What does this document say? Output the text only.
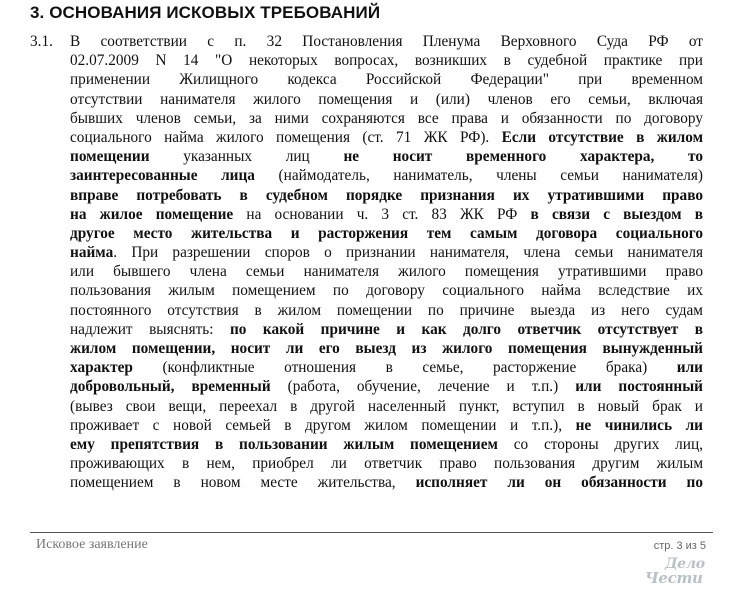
3. ОСНОВАНИЯ ИСКОВЫХ ТРЕБОВАНИЙ
3.1. В соответствии с п. 32 Постановления Пленума Верховного Суда РФ от
02.07.2009 N 14 "О некоторых вопросах, возникших в судебной практике при
применении Жилищного кодекса Российской Федерации" при временном
отсутствии нанимателя жилого помещения и (или) членов его семьи, включая
бывших членов семьи, за ними сохраняются все права и обязанности по договору
социального найма жилого помещения (ст. 71 ЖК РФ). Если отсутствие в жилом
помещении указанных лиц не носит временного характера, то
заинтересованные лица (наймодатель, наниматель, члены семьи нанимателя)
вправе потребовать в судебном порядке признания их утратившими право
на жилое помещение на основании ч. 3 ст. 83 ЖК РФ в связи с выездом в
другое место жительства и расторжения тем самым договора социального
найма. При разрешении споров о признании нанимателя, члена семьи нанимателя
или бывшего члена семьи нанимателя жилого помещения утратившими право
пользования жилым помещением по договору социального найма вследствие их
постоянного отсутствия в жилом помещении по причине выезда из него судам
надлежит выяснять: по какой причине и как долго ответчик отсутствует в
жилом помещении, носит ли его выезд из жилого помещения вынужденный
характер (конфликтные отношения в семье, расторжение брака) или
добровольный, временный (работа, обучение, лечение и т.п.) или постоянный
(вывез свои вещи, переехал в другой населенный пункт, вступил в новый брак и
проживает с новой семьей в другом жилом помещении и т.п.), не чинились ли
ему препятствия в пользовании жилым помещением со стороны других лиц,
проживающих в нем, приобрел ли ответчик право пользования другим жилым
помещением в новом месте жительства, исполняет ли он обязанности по
Исковое заявление	стр. 3 из 5
Дело
Чести
